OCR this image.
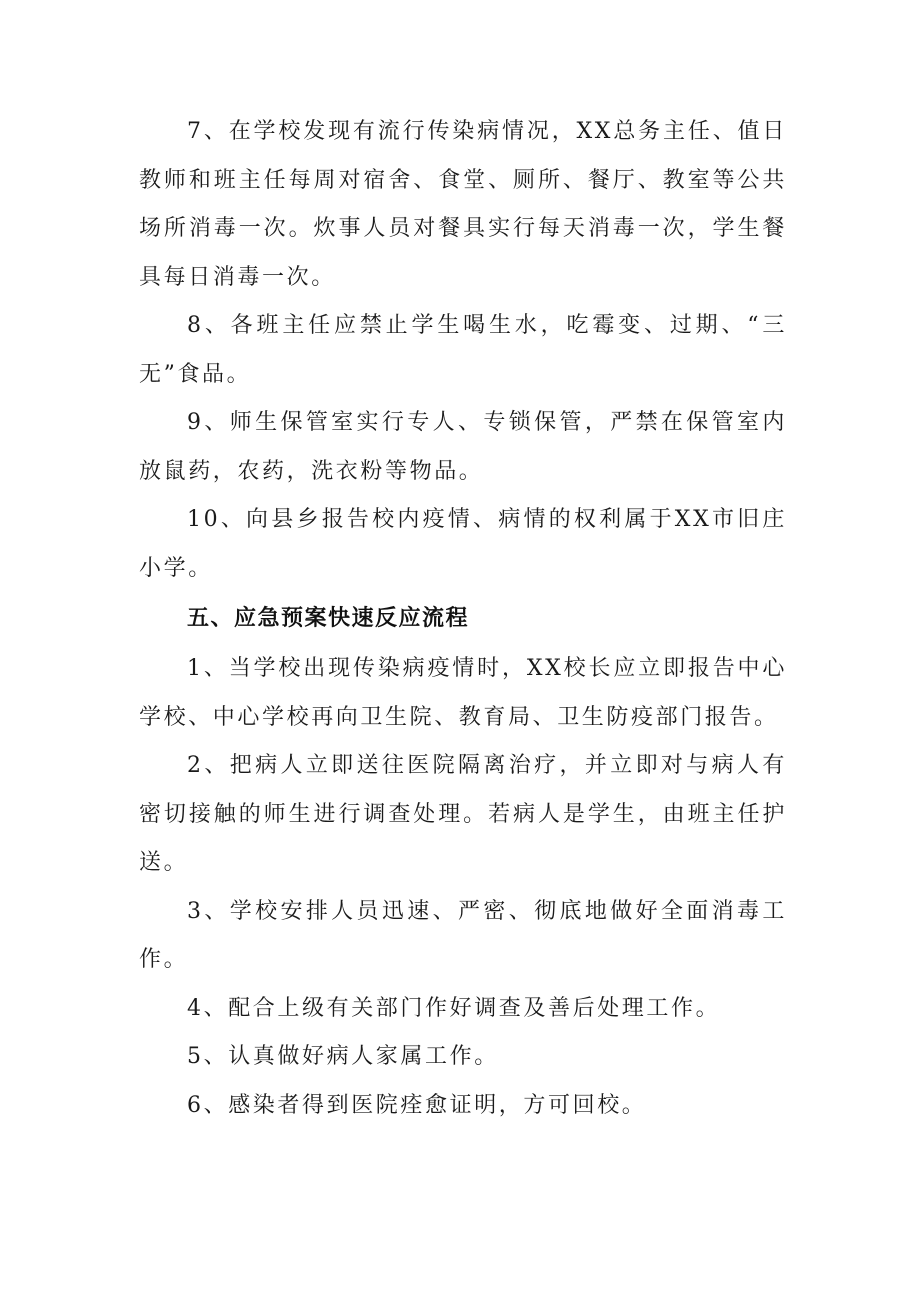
7、在学校发现有流行传染病情况，XX总务主任、值日教师和班主任每周对宿舍、食堂、厕所、餐厅、教室等公共场所消毒一次。炊事人员对餐具实行每天消毒一次，学生餐具每日消毒一次。

8、各班主任应禁止学生喝生水，吃霉变、过期、“三无”食品。

9、师生保管室实行专人、专锁保管，严禁在保管室内放鼠药，农药，洗衣粉等物品。

10、向县乡报告校内疫情、病情的权利属于XX市旧庄小学。

五、应急预案快速反应流程

1、当学校出现传染病疫情时，XX校长应立即报告中心学校、中心学校再向卫生院、教育局、卫生防疫部门报告。

2、把病人立即送往医院隔离治疗，并立即对与病人有密切接触的师生进行调查处理。若病人是学生，由班主任护送。

3、学校安排人员迅速、严密、彻底地做好全面消毒工作。

4、配合上级有关部门作好调查及善后处理工作。

5、认真做好病人家属工作。

6、感染者得到医院痊愈证明，方可回校。
